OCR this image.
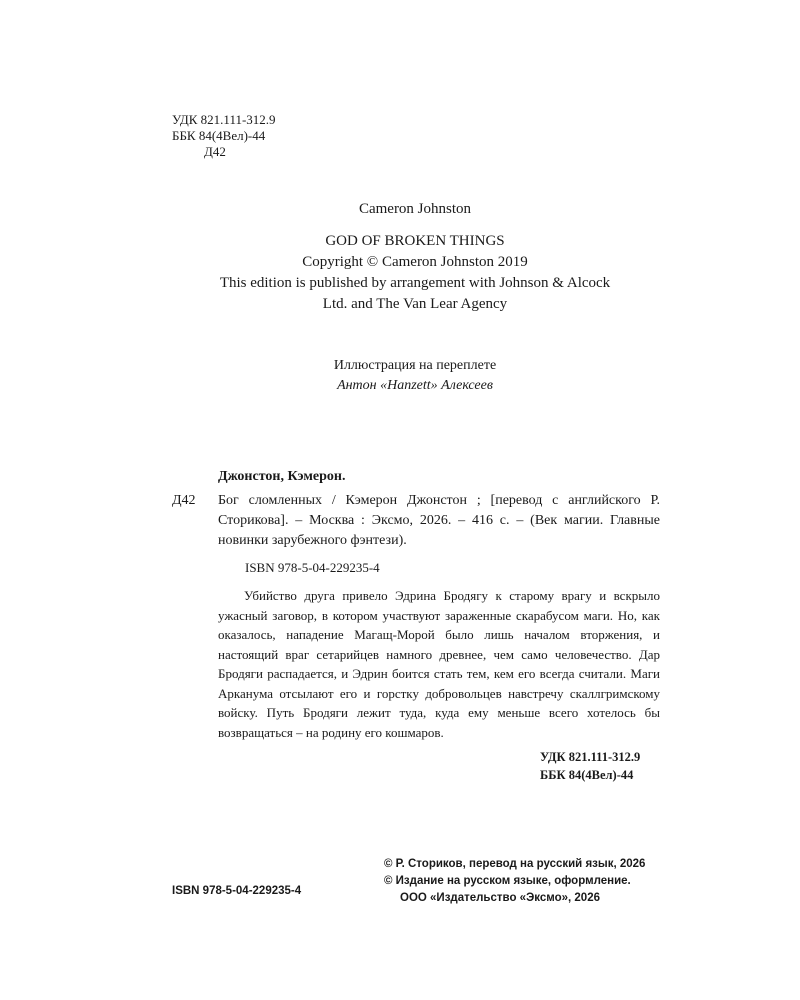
УДК 821.111-312.9
ББК 84(4Вел)-44
Д42
Cameron Johnston
GOD OF BROKEN THINGS
Copyright © Cameron Johnston 2019
This edition is published by arrangement with Johnson & Alcock
Ltd. and The Van Lear Agency
Иллюстрация на переплете
Антон «Hanzett» Алексеев
Джонстон, Кэмерон.
Д42 Бог сломленных / Кэмерон Джонстон ; [перевод с английского Р. Сторикова]. – Москва : Эксмо, 2026. – 416 с. – (Век магии. Главные новинки зарубежного фэнтези).
ISBN 978-5-04-229235-4
Убийство друга привело Эдрина Бродягу к старому врагу и вскрыло ужасный заговор, в котором участвуют зараженные скарабусом маги. Но, как оказалось, нападение Магащ-Морой было лишь началом вторжения, и настоящий враг сетарийцев намного древнее, чем само человечество. Дар Бродяги распадается, и Эдрин боится стать тем, кем его всегда считали. Маги Арканума отсылают его и горстку добровольцев навстречу скаллгримскому войску. Путь Бродяги лежит туда, куда ему меньше всего хотелось бы возвращаться – на родину его кошмаров.
УДК 821.111-312.9
ББК 84(4Вел)-44
© Р. Сториков, перевод на русский язык, 2026
© Издание на русском языке, оформление.
ООО «Издательство «Эксмо», 2026
ISBN 978-5-04-229235-4
